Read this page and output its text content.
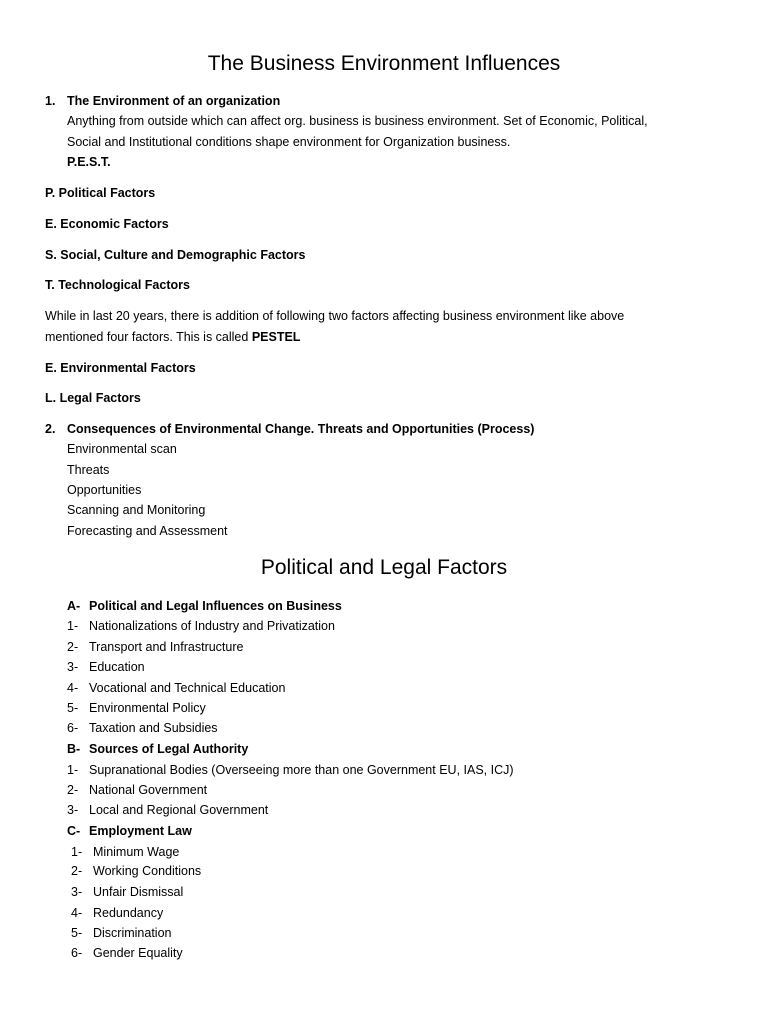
The Business Environment Influences
1. The Environment of an organization
Anything from outside which can affect org. business is business environment. Set of Economic, Political,
Social and Institutional conditions shape environment for Organization business.
P.E.S.T.
P. Political Factors
E. Economic Factors
S. Social, Culture and Demographic Factors
T. Technological Factors
While in last 20 years, there is addition of following two factors affecting business environment like above
mentioned four factors. This is called PESTEL
E. Environmental Factors
L. Legal Factors
2. Consequences of Environmental Change. Threats and Opportunities (Process)
Environmental scan
Threats
Opportunities
Scanning and Monitoring
Forecasting and Assessment
Political and Legal Factors
A- Political and Legal Influences on Business
1- Nationalizations of Industry and Privatization
2- Transport and Infrastructure
3- Education
4- Vocational and Technical Education
5- Environmental Policy
6- Taxation and Subsidies
B- Sources of Legal Authority
1- Supranational Bodies (Overseeing more than one Government EU, IAS, ICJ)
2- National Government
3- Local and Regional Government
C- Employment Law
1- Minimum Wage
2- Working Conditions
3- Unfair Dismissal
4- Redundancy
5- Discrimination
6- Gender Equality
